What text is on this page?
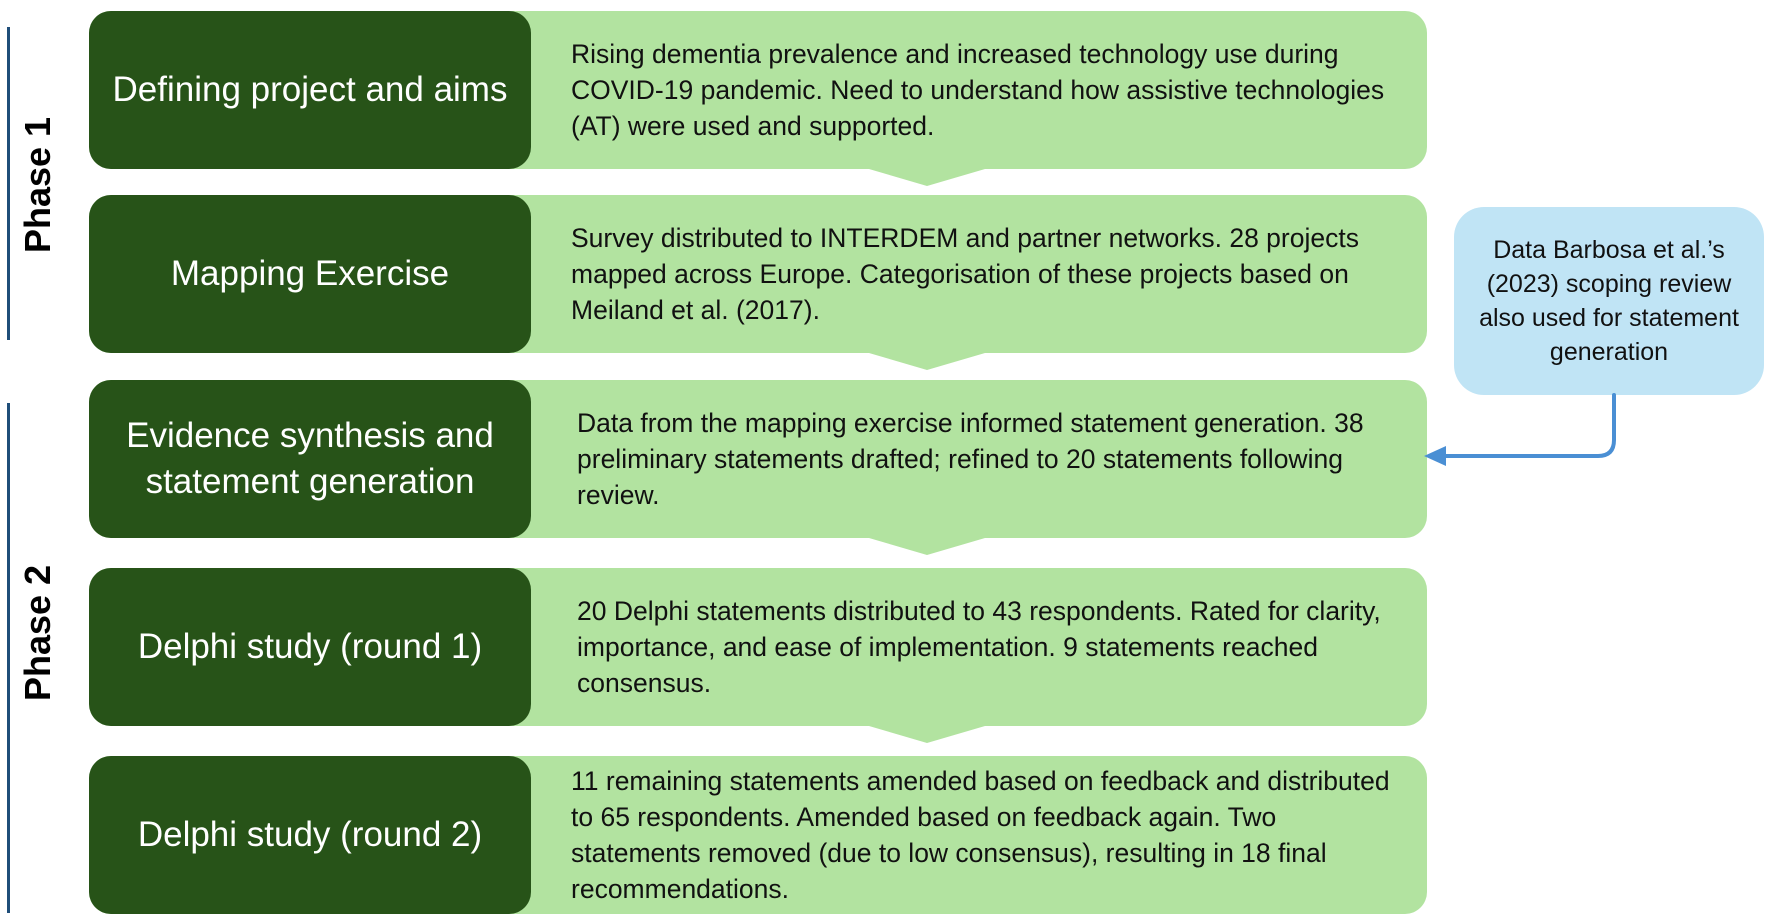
Phase 1
Phase 2
Defining project and aims
Rising dementia prevalence and increased technology use during COVID-19 pandemic. Need to understand how assistive technologies (AT) were used and supported.
Mapping Exercise
Survey distributed to INTERDEM and partner networks. 28 projects mapped across Europe. Categorisation of these projects based on Meiland et al. (2017).
Evidence synthesis and statement generation
Data from the mapping exercise informed statement generation. 38 preliminary statements drafted; refined to 20 statements following review.
Delphi study (round 1)
20 Delphi statements distributed to 43 respondents. Rated for clarity, importance, and ease of implementation. 9 statements reached consensus.
Delphi study (round 2)
11 remaining statements amended based on feedback and distributed to 65 respondents. Amended based on feedback again. Two statements removed (due to low consensus), resulting in 18 final recommendations.
Data Barbosa et al.’s (2023) scoping review also used for statement generation
